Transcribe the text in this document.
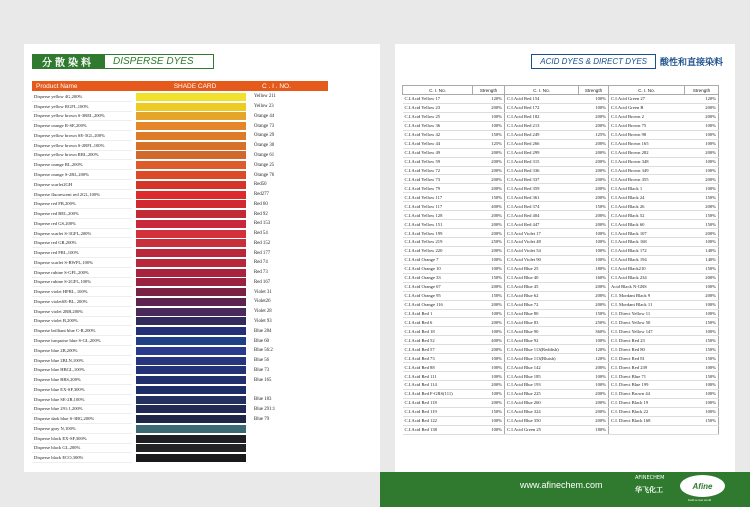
分散染料	DISPERSE DYES
Product Name	SHADE CARD	C . I . NO.
Disperse yellow 4G,200%	Yellow 211
Disperse yellow RGFL,100%	Yellow 23
Disperse yellow brown S-3REL,200%	Orange 44
Disperse orange R-SE,200%	Orange 73
Disperse yellow brown SE-3GL,200%	Orange 29
Disperse yellow brown S-2RFL,100%	Orange 30
Disperse yellow brown RRL,200%	Orange 61
Disperse orange RL,200%	Orange 25
Disperse orange S-2RL,200%	Orange 76
Disperse scarlet2GH	Red50
Disperse fluorescent red 2GL,100%	Red277
Disperse red FB,200%	Red 60
Disperse red BEL,200%	Red 92
Disperse red GS,200%	Red 153
Disperse scarlet S-3GFL,200%	Red 54
Disperse red GR,200%	Red 152
Disperse red FRL,100%	Red 177
Disperse scarlet S-BWFL,100%	Red 74
Disperse rubine S-GFL,200%	Red 73
Disperse rubine S-2GFL,100%	Red 167
Disperse violet HFRL, 100%	Violet 31
Disperse violetSE-BL, 200%	Violet26
Disperse violet 2RB,200%	Violet 28
Disperse violet B,200%	Violet 93
Disperse brilliant blue C-R,200%	Blue 284
Disperse turquoise blue S-GL,200%	Blue 60
Disperse blue 2B,200%	Blue 56:2
Disperse blue 2BLN,100%	Blue 56
Disperse blue HBGL,100%	Blue 73
Disperse blue BRS,200%	Blue 165
Disperse blue EX-SF,300%
Disperse blue SE-2R,100%	Blue 183
Disperse blue 291:1,200%	Blue 291:1
Disperse dark blue S-3BG,200%	Blue 79
Disperse gray N,100%
Disperse black EX-SF,300%
Disperse black GL,200%
Disperse black ECO,300%
ACID DYES & DIRECT DYES	酸性和直接染料
C. I. No.	Strength	C. I. No.	Strength	C. I. No.	Strength
C.I.Acid Yellow 17	120%	C.I.Acid Red 154	100%	C.I.Acid Green 27	120%
C.I.Acid Yellow 23	200%	C.I.Acid Red 172	100%	C.I.Acid Green B	200%
C.I.Acid Yellow 25	100%	C.I.Acid Red 182	200%	C.I.Acid Brown 2	200%
C.I.Acid Yellow 36	100%	C.I.Acid Red 213	200%	C.I.Acid Brown 75	100%
C.I.Acid Yellow 42	150%	C.I.Acid Red 249	125%	C.I.Acid Brown 98	100%
C.I.Acid Yellow 44	125%	C.I.Acid Red 266	200%	C.I.Acid Brown 165	100%
C.I.Acid Yellow 49	200%	C.I.Acid Red 299	200%	C.I.Acid Brown 282	200%
C.I.Acid Yellow 59	200%	C.I.Acid Red 315	200%	C.I.Acid Brown 348	100%
C.I.Acid Yellow 72	200%	C.I.Acid Red 336	200%	C.I.Acid Brown 349	100%
C.I.Acid Yellow 73	200%	C.I.Acid Red 337	200%	C.I.Acid Brown 355	200%
C.I.Acid Yellow 79	200%	C.I.Acid Red 359	200%	C.I.Acid Black 1	100%
C.I.Acid Yellow 117	150%	C.I.Acid Red 361	200%	C.I.Acid Black 24	150%
C.I.Acid Yellow 117	400%	C.I.Acid Red 374	150%	C.I.Acid Black 26	200%
C.I.Acid Yellow 128	200%	C.I.Acid Red 404	200%	C.I.Acid Black 52	150%
C.I.Acid Yellow 151	200%	C.I.Acid Red 447	200%	C.I.Acid Black 60	150%
C.I.Acid Yellow 199	200%	C.I.Acid Violet 17	100%	C.I.Acid Black 107	200%
C.I.Acid Yellow 219	250%	C.I.Acid Violet 48	100%	C.I.Acid Black 168	100%
C.I.Acid Yellow 220	200%	C.I.Acid Violet 54	100%	C.I.Acid Black 172	140%
C.I.Acid Orange 7	100%	C.I.Acid Violet 90	100%	C.I.Acid Black 194	140%
C.I.Acid Orange 10	100%	C.I.Acid Blue 25	180%	C.I.Acid Black210	150%
C.I.Acid Orange 33	150%	C.I.Acid Blue 40	160%	C.I.Acid Black 234	200%
C.I.Acid Orange 67	200%	C.I.Acid Blue 45	200%	Acid Black N-GRS	100%
C.I.Acid Orange 95	150%	C.I.Acid Blue 62	200%	C.I. Mordant Black 9	200%
C.I.Acid Orange 116	200%	C.I.Acid Blue 72	200%	C.I. Mordant Black 11	100%
C.I.Acid Red 1	100%	C.I.Acid Blue 80	150%	C.I. Direct Yellow 11	100%
C.I.Acid Red 6	200%	C.I.Acid Blue 83	250%	C.I. Direct Yellow 50	150%
C.I.Acid Red 18	100%	C.I.Acid Blue 90	360%	C.I. Direct Yellow 147	100%
C.I.Acid Red 52	400%	C.I.Acid Blue 92	100%	C.I. Direct Red 23	150%
C.I.Acid Red 57	200%	C.I.Acid Blue 113(Reddish)	120%	C.I. Direct Red 80	150%
C.I.Acid Red 73	100%	C.I.Acid Blue 113(Bluish)	120%	C.I. Direct Red 81	150%
C.I.Acid Red 88	100%	C.I.Acid Blue 142	200%	C.I. Direct Red 239	100%
C.I.Acid Red 111	100%	C.I.Acid Blue 185	100%	C.I. Direct Blue 71	150%
C.I.Acid Red 114	200%	C.I.Acid Blue 193	100%	C.I. Direct Blue 199	100%
C.I.Acid Red F-GRS(111)	100%	C.I.Acid Blue 225	200%	C.I. Direct Brown 44	100%
C.I.Acid Red 118	200%	C.I.Acid Blue 260	200%	C.I. Direct Black 19	100%
C.I.Acid Red 119	150%	C.I.Acid Blue 324	200%	C.I. Direct Black 22	100%
C.I.Acid Red 122	100%	C.I.Acid Blue 350	200%	C.I. Direct Black 168	150%
C.I.Acid Red 138	100%	C.I.Acid Green 25	180%		
www.afinechem.com
AFINECHEM
华飞化工	Afine
build a new world
